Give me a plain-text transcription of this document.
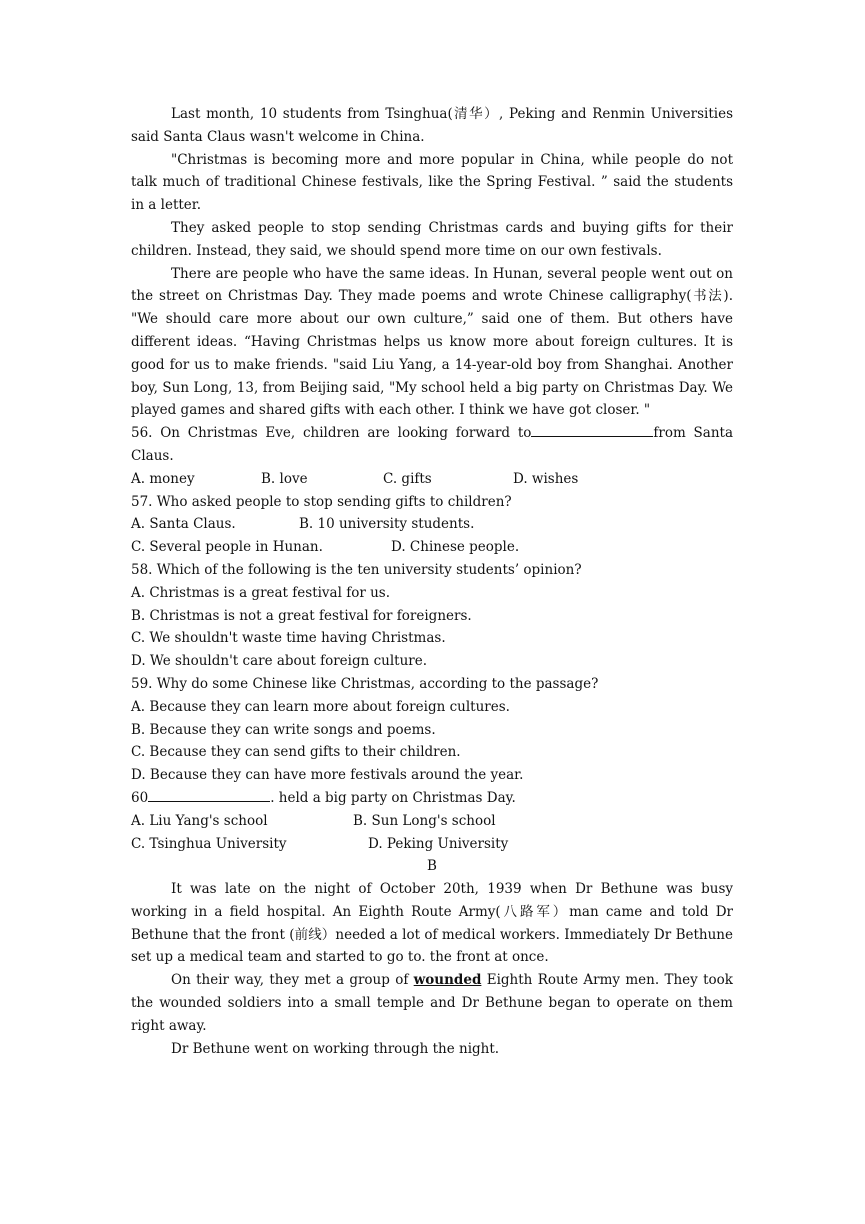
Last month, 10 students from Tsinghua(清华）, Peking and Renmin Universities said Santa Claus wasn't welcome in China.

"Christmas is becoming more and more popular in China, while people do not talk much of traditional Chinese festivals, like the Spring Festival. ” said the students in a letter.

They asked people to stop sending Christmas cards and buying gifts for their children. Instead, they said, we should spend more time on our own festivals.

There are people who have the same ideas. In Hunan, several people went out on the street on Christmas Day. They made poems and wrote Chinese calligraphy(书法). "We should care more about our own culture,” said one of them. But others have different ideas. “Having Christmas helps us know more about foreign cultures. It is good for us to make friends. "said Liu Yang, a 14-year-old boy from Shanghai. Another boy, Sun Long, 13, from Beijing said, "My school held a big party on Christmas Day. We played games and shared gifts with each other. I think we have got closer. "

56. On Christmas Eve, children are looking forward to	from Santa Claus.

A. money	B. love	C. gifts	D. wishes
57. Who asked people to stop sending gifts to children?
A. Santa Claus.	B. 10 university students.
C. Several people in Hunan.	D. Chinese people.
58. Which of the following is the ten university students’ opinion?
A. Christmas is a great festival for us.
B. Christmas is not a great festival for foreigners.
C. We shouldn't waste time having Christmas.
D. We shouldn't care about foreign culture.
59. Why do some Chinese like Christmas, according to the passage?
A. Because they can learn more about foreign cultures.
B. Because they can write songs and poems.
C. Because they can send gifts to their children.
D. Because they can have more festivals around the year.
60	. held a big party on Christmas Day.
A. Liu Yang's school	B. Sun Long's school
C. Tsinghua University	D. Peking University

B

It was late on the night of October 20th, 1939 when Dr Bethune was busy working in a field hospital. An Eighth Route Army(八路军）man came and told Dr Bethune that the front (前线）needed a lot of medical workers. Immediately Dr Bethune set up a medical team and started to go to. the front at once.

On their way, they met a group of wounded Eighth Route Army men. They took the wounded soldiers into a small temple and Dr Bethune began to operate on them right away.

Dr Bethune went on working through the night.
